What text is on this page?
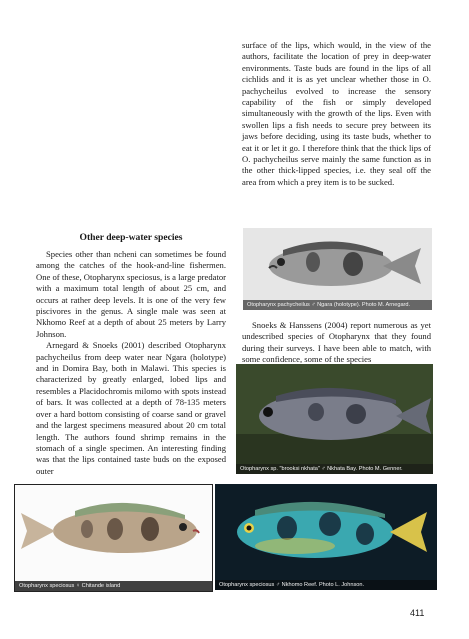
surface of the lips, which would, in the view of the authors, facilitate the location of prey in deep-water environments. Taste buds are found in the lips of all cichlids and it is as yet unclear whether those in O. pachycheilus evolved to increase the sensory capability of the fish or simply developed simultaneously with the growth of the lips. Even with swollen lips a fish needs to secure prey between its jaws before deciding, using its taste buds, whether to eat it or let it go. I therefore think that the thick lips of O. pachycheilus serve mainly the same function as in the other thick-lipped species, i.e. they seal off the area from which a prey item is to be sucked.

Otopharynx pachycheilus ♂ Ngara (holotype). Photo M. Arnegard.
Other deep-water species

Species other than ncheni can sometimes be found among the catches of the hook-and-line fishermen. One of these, Otopharynx speciosus, is a large predator with a maximum total length of about 25 cm, and occurs at rather deep levels. It is one of the very few piscivores in the genus. A single male was seen at Nkhomo Reef at a depth of about 25 meters by Larry Johnson.

Arnegard & Snoeks (2001) described Otopharynx pachycheilus from deep water near Ngara (holotype) and in Domira Bay, both in Malawi. This species is characterized by greatly enlarged, lobed lips and resembles a Placidochromis milomo with spots instead of bars. It was collected at a depth of 78-135 meters over a hard bottom consisting of coarse sand or gravel and the largest specimens measured about 20 cm total length. The authors found shrimp remains in the stomach of a single specimen. An interesting finding was that the lips contained taste buds on the exposed outer

Snoeks & Hanssens (2004) report numerous as yet undescribed species of Otopharynx that they found during their surveys. I have been able to match, with some confidence, some of the species

Otopharynx sp. "brooksi nkhata" ♂ Nkhata Bay. Photo M. Genner.
Otopharynx speciosus ♀ Chitande island	Otopharynx speciosus ♂ Nkhomo Reef. Photo L. Johnson.
411
